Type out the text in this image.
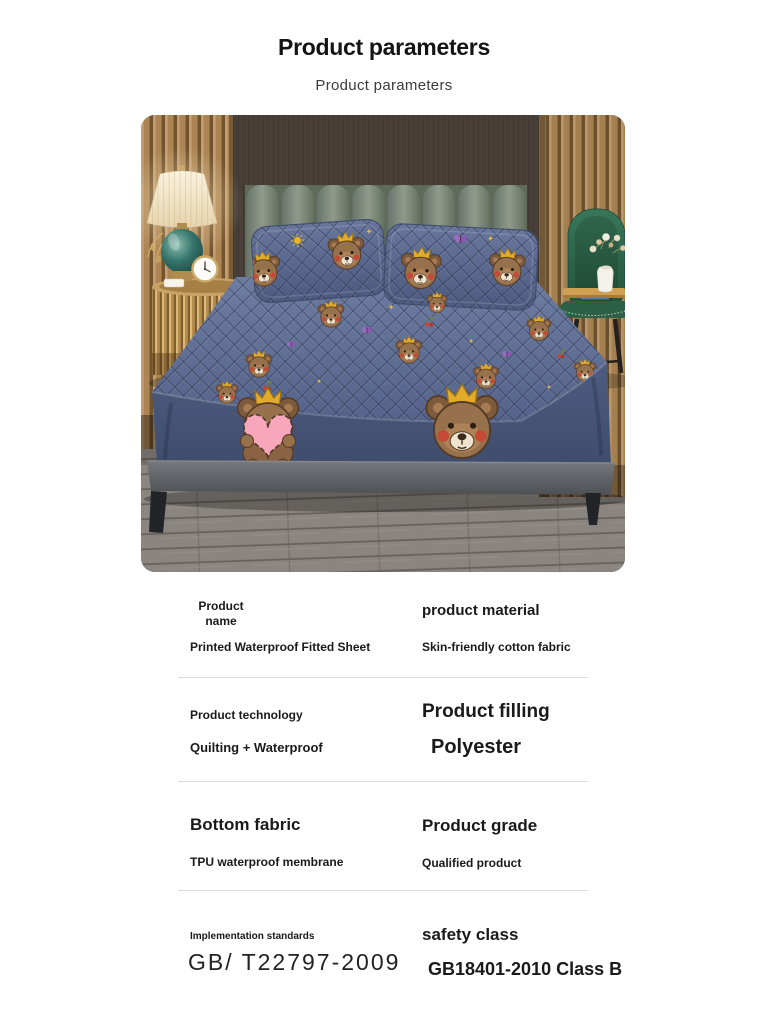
Product parameters
Product parameters
Product name
Printed Waterproof Fitted Sheet
product material
Skin-friendly cotton fabric
Product technology
Quilting + Waterproof
Product filling
Polyester
Bottom fabric
TPU waterproof membrane
Product grade
Qualified product
Implementation standards
GB/ T22797-2009
safety class
GB18401-2010 Class B
